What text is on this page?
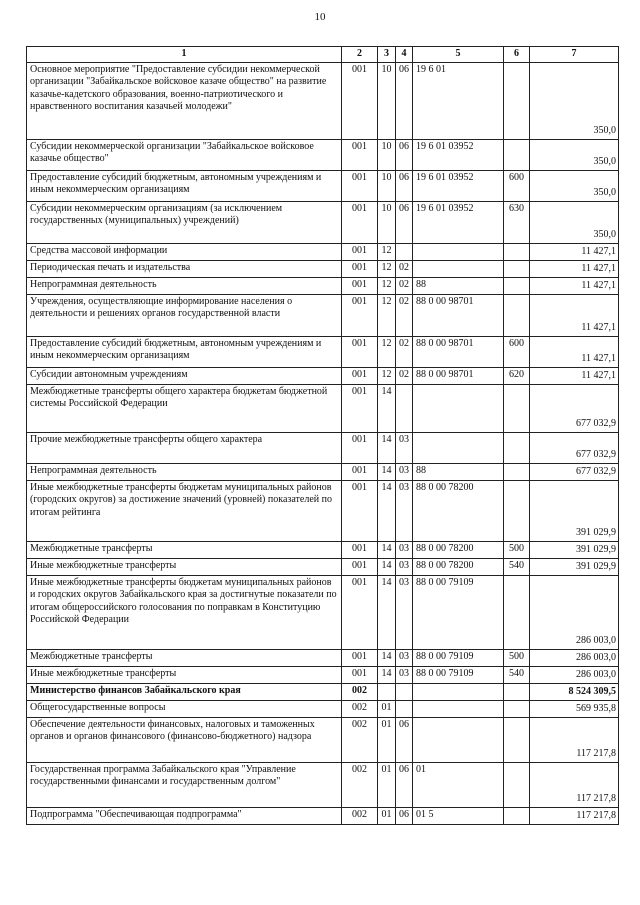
10
1	2	3	4	5	6	7
Основное мероприятие "Предоставление субсидии некоммерческой организации "Забайкальское войсковое казаче общество" на развитие казачье-кадетского образования, военно-патриотического и нравственного воспитания казачьей молодежи"	001	10	06	19 6 01		350,0
Субсидии некоммерческой организации "Забайкальское войсковое казачье общество"	001	10	06	19 6 01 03952		350,0
Предоставление субсидий бюджетным, автономным учреждениям и иным некоммерческим организациям	001	10	06	19 6 01 03952	600	350,0
Субсидии некоммерческим организациям (за исключением государственных (муниципальных) учреждений)	001	10	06	19 6 01 03952	630	350,0
Средства массовой информации	001	12				11 427,1
Периодическая печать и издательства	001	12	02			11 427,1
Непрограммная деятельность	001	12	02	88		11 427,1
Учреждения, осуществляющие информирование населения о деятельности и решениях органов государственной власти	001	12	02	88 0 00 98701		11 427,1
Предоставление субсидий бюджетным, автономным учреждениям и иным некоммерческим организациям	001	12	02	88 0 00 98701	600	11 427,1
Субсидии автономным учреждениям	001	12	02	88 0 00 98701	620	11 427,1
Межбюджетные трансферты общего характера бюджетам бюджетной системы Российской Федерации	001	14				677 032,9
Прочие межбюджетные трансферты общего характера	001	14	03			677 032,9
Непрограммная деятельность	001	14	03	88		677 032,9
Иные межбюджетные трансферты бюджетам муниципальных районов (городских округов) за достижение значений (уровней) показателей по итогам рейтинга	001	14	03	88 0 00 78200		391 029,9
Межбюджетные трансферты	001	14	03	88 0 00 78200	500	391 029,9
Иные межбюджетные трансферты	001	14	03	88 0 00 78200	540	391 029,9
Иные межбюджетные трансферты бюджетам муниципальных районов и городских округов Забайкальского края за достигнутые показатели по итогам общероссийского голосования по поправкам в Конституцию Российской Федерации	001	14	03	88 0 00 79109		286 003,0
Межбюджетные трансферты	001	14	03	88 0 00 79109	500	286 003,0
Иные межбюджетные трансферты	001	14	03	88 0 00 79109	540	286 003,0
Министерство финансов Забайкальского края	002					8 524 309,5
Общегосударственные вопросы	002	01				569 935,8
Обеспечение деятельности финансовых, налоговых и таможенных органов и органов финансового (финансово-бюджетного) надзора	002	01	06			117 217,8
Государственная программа Забайкальского края "Управление государственными финансами и государственным долгом"	002	01	06	01		117 217,8
Подпрограмма "Обеспечивающая подпрограмма"	002	01	06	01 5		117 217,8
